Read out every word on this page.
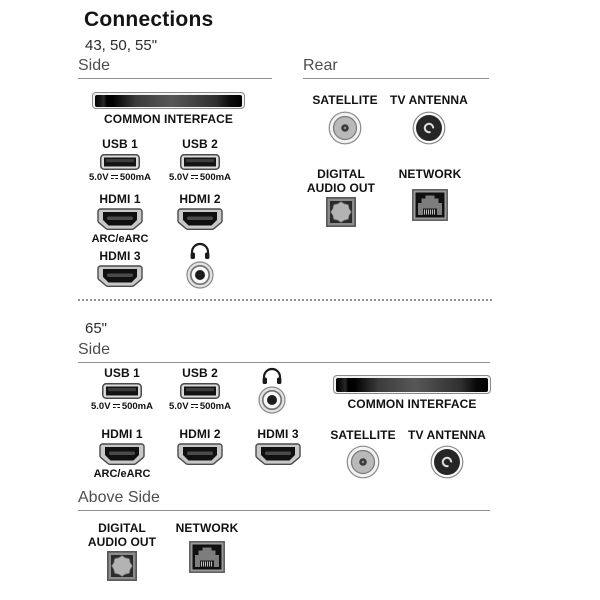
Connections
43, 50, 55"
Side	Rear
COMMON INTERFACE
USB 1
5.0V 500mA
USB 2
5.0V 500mA
HDMI 1
ARC/eARC
HDMI 2
HDMI 3
SATELLITE	TV ANTENNA
DIGITAL
AUDIO OUT
NETWORK
65"
Side
USB 1
5.0V 500mA
USB 2
5.0V 500mA	COMMON INTERFACE
HDMI 1
ARC/eARC
HDMI 2	HDMI 3	SATELLITE	TV ANTENNA
Above Side
DIGITAL
AUDIO OUT
NETWORK
